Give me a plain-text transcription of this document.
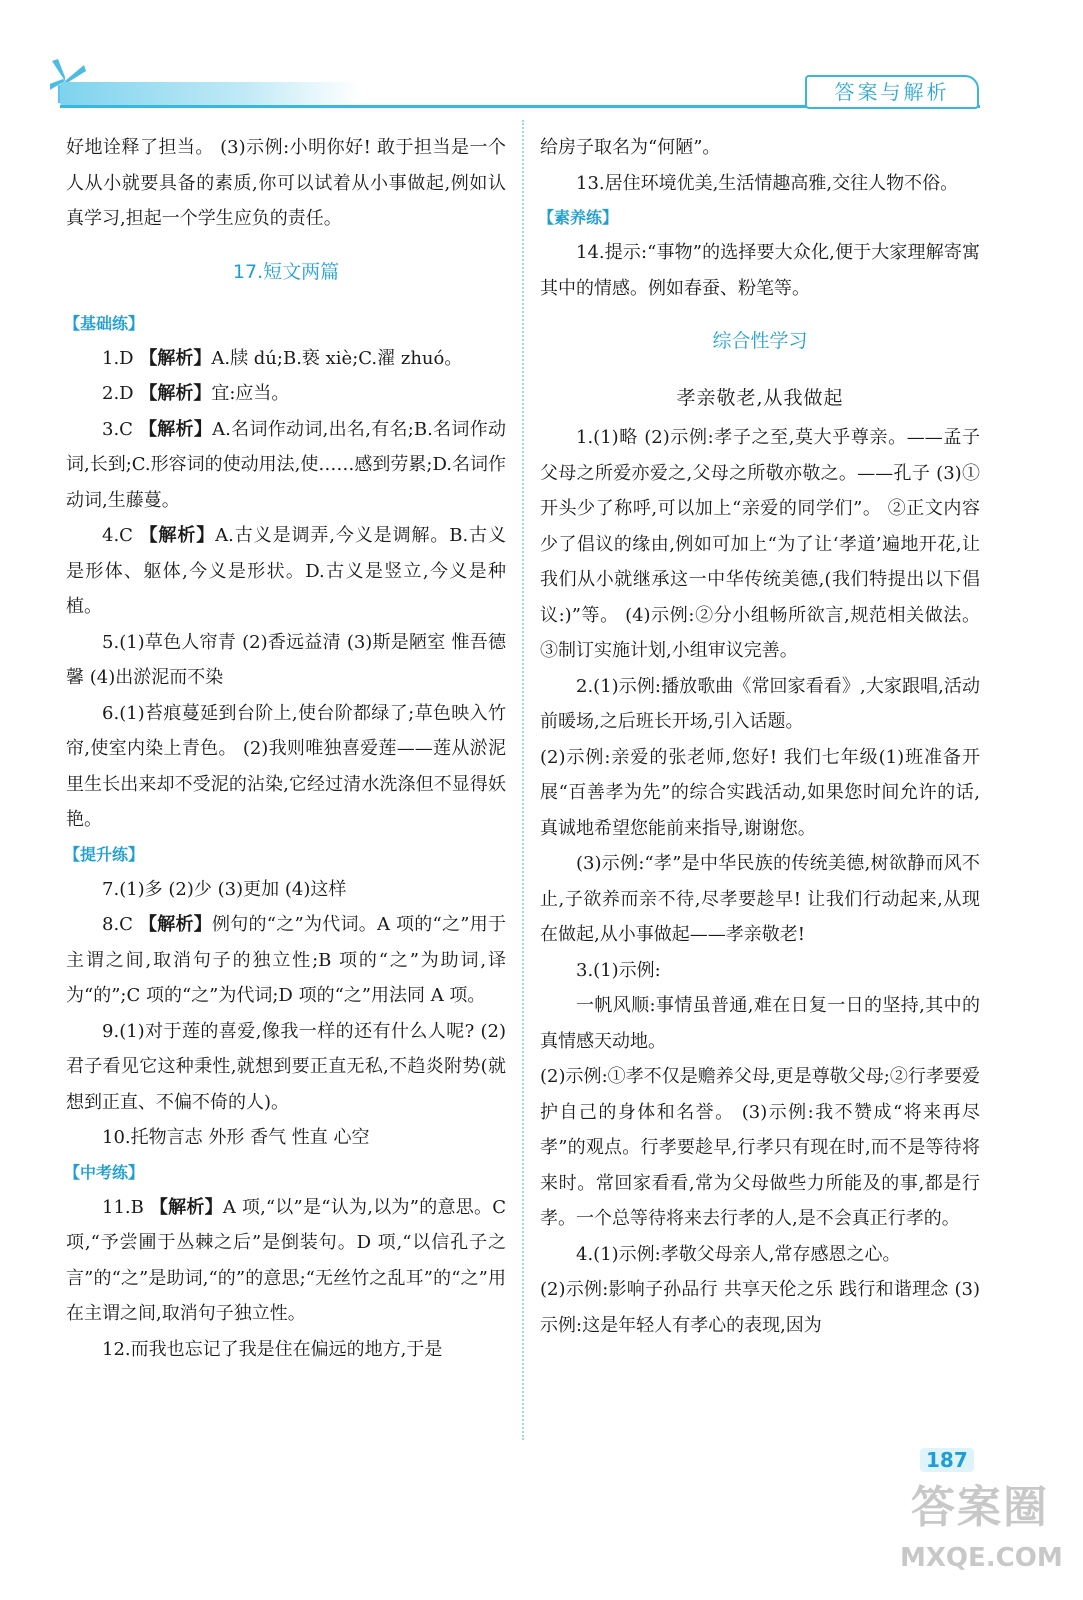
答案与解析

好地诠释了担当。 (3)示例:小明你好! 敢于担当是一个人从小就要具备的素质,你可以试着从小事做起,例如认真学习,担起一个学生应负的责任。

17.短文两篇

【基础练】

1.D 【解析】A.牍 dú;B.亵 xiè;C.濯 zhuó。

2.D 【解析】宜:应当。

3.C 【解析】A.名词作动词,出名,有名;B.名词作动词,长到;C.形容词的使动用法,使……感到劳累;D.名词作动词,生藤蔓。

4.C 【解析】A.古义是调弄,今义是调解。B.古义是形体、躯体,今义是形状。D.古义是竖立,今义是种植。

5.(1)草色人帘青 (2)香远益清 (3)斯是陋室 惟吾德馨 (4)出淤泥而不染

6.(1)苔痕蔓延到台阶上,使台阶都绿了;草色映入竹帘,使室内染上青色。 (2)我则唯独喜爱莲——莲从淤泥里生长出来却不受泥的沾染,它经过清水洗涤但不显得妖艳。

【提升练】

7.(1)多 (2)少 (3)更加 (4)这样

8.C 【解析】例句的“之”为代词。A 项的“之”用于主谓之间,取消句子的独立性;B 项的“之”为助词,译为“的”;C 项的“之”为代词;D 项的“之”用法同 A 项。

9.(1)对于莲的喜爱,像我一样的还有什么人呢? (2)君子看见它这种秉性,就想到要正直无私,不趋炎附势(就想到正直、不偏不倚的人)。

10.托物言志 外形 香气 性直 心空

【中考练】

11.B 【解析】A 项,“以”是“认为,以为”的意思。C 项,“予尝圃于丛棘之后”是倒装句。D 项,“以信孔子之言”的“之”是助词,“的”的意思;“无丝竹之乱耳”的“之”用在主谓之间,取消句子独立性。

12.而我也忘记了我是住在偏远的地方,于是

给房子取名为“何陋”。

13.居住环境优美,生活情趣高雅,交往人物不俗。

【素养练】

14.提示:“事物”的选择要大众化,便于大家理解寄寓其中的情感。例如春蚕、粉笔等。

综合性学习

孝亲敬老,从我做起

1.(1)略 (2)示例:孝子之至,莫大乎尊亲。——孟子 父母之所爱亦爱之,父母之所敬亦敬之。——孔子 (3)①开头少了称呼,可以加上“亲爱的同学们”。 ②正文内容少了倡议的缘由,例如可加上“为了让‘孝道’遍地开花,让我们从小就继承这一中华传统美德,(我们特提出以下倡议:)”等。 (4)示例:②分小组畅所欲言,规范相关做法。 ③制订实施计划,小组审议完善。

2.(1)示例:播放歌曲《常回家看看》,大家跟唱,活动前暖场,之后班长开场,引入话题。

(2)示例:亲爱的张老师,您好! 我们七年级(1)班准备开展“百善孝为先”的综合实践活动,如果您时间允许的话,真诚地希望您能前来指导,谢谢您。

(3)示例:“孝”是中华民族的传统美德,树欲静而风不止,子欲养而亲不待,尽孝要趁早! 让我们行动起来,从现在做起,从小事做起——孝亲敬老!

3.(1)示例:

一帆风顺:事情虽普通,难在日复一日的坚持,其中的真情感天动地。

(2)示例:①孝不仅是赡养父母,更是尊敬父母;②行孝要爱护自己的身体和名誉。 (3)示例:我不赞成“将来再尽孝”的观点。行孝要趁早,行孝只有现在时,而不是等待将来时。常回家看看,常为父母做些力所能及的事,都是行孝。一个总等待将来去行孝的人,是不会真正行孝的。

4.(1)示例:孝敬父母亲人,常存感恩之心。

(2)示例:影响子孙品行 共享天伦之乐 践行和谐理念 (3)示例:这是年轻人有孝心的表现,因为

187
答案圈
MXQE.COM
